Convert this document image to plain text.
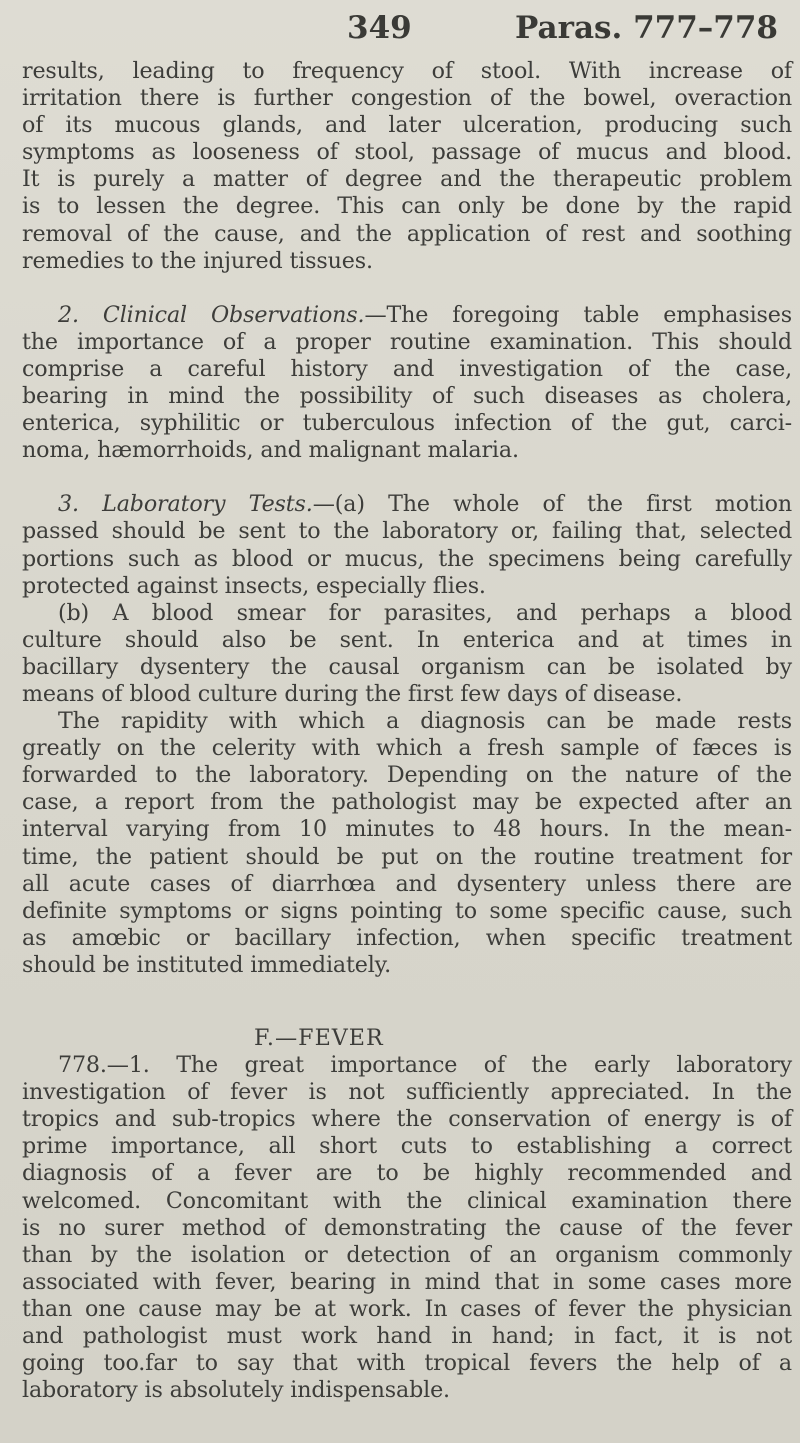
349	Paras. 777–778
results, leading to frequency of stool. With increase of
irritation there is further congestion of the bowel, overaction
of its mucous glands, and later ulceration, producing such
symptoms as looseness of stool, passage of mucus and blood.
It is purely a matter of degree and the therapeutic problem
is to lessen the degree. This can only be done by the rapid
removal of the cause, and the application of rest and soothing
remedies to the injured tissues.
2. Clinical Observations.—The foregoing table emphasises
the importance of a proper routine examination. This should
comprise a careful history and investigation of the case,
bearing in mind the possibility of such diseases as cholera,
enterica, syphilitic or tuberculous infection of the gut, carci-
noma, hæmorrhoids, and malignant malaria.
3. Laboratory Tests.—(a) The whole of the first motion
passed should be sent to the laboratory or, failing that, selected
portions such as blood or mucus, the specimens being carefully
protected against insects, especially flies.
(b) A blood smear for parasites, and perhaps a blood
culture should also be sent. In enterica and at times in
bacillary dysentery the causal organism can be isolated by
means of blood culture during the first few days of disease.
The rapidity with which a diagnosis can be made rests
greatly on the celerity with which a fresh sample of fæces is
forwarded to the laboratory. Depending on the nature of the
case, a report from the pathologist may be expected after an
interval varying from 10 minutes to 48 hours. In the mean-
time, the patient should be put on the routine treatment for
all acute cases of diarrhœa and dysentery unless there are
definite symptoms or signs pointing to some specific cause, such
as amœbic or bacillary infection, when specific treatment
should be instituted immediately.
F.—FEVER
778.—1. The great importance of the early laboratory
investigation of fever is not sufficiently appreciated. In the
tropics and sub-tropics where the conservation of energy is of
prime importance, all short cuts to establishing a correct
diagnosis of a fever are to be highly recommended and
welcomed. Concomitant with the clinical examination there
is no surer method of demonstrating the cause of the fever
than by the isolation or detection of an organism commonly
associated with fever, bearing in mind that in some cases more
than one cause may be at work. In cases of fever the physician
and pathologist must work hand in hand; in fact, it is not
going too.far to say that with tropical fevers the help of a
laboratory is absolutely indispensable.
